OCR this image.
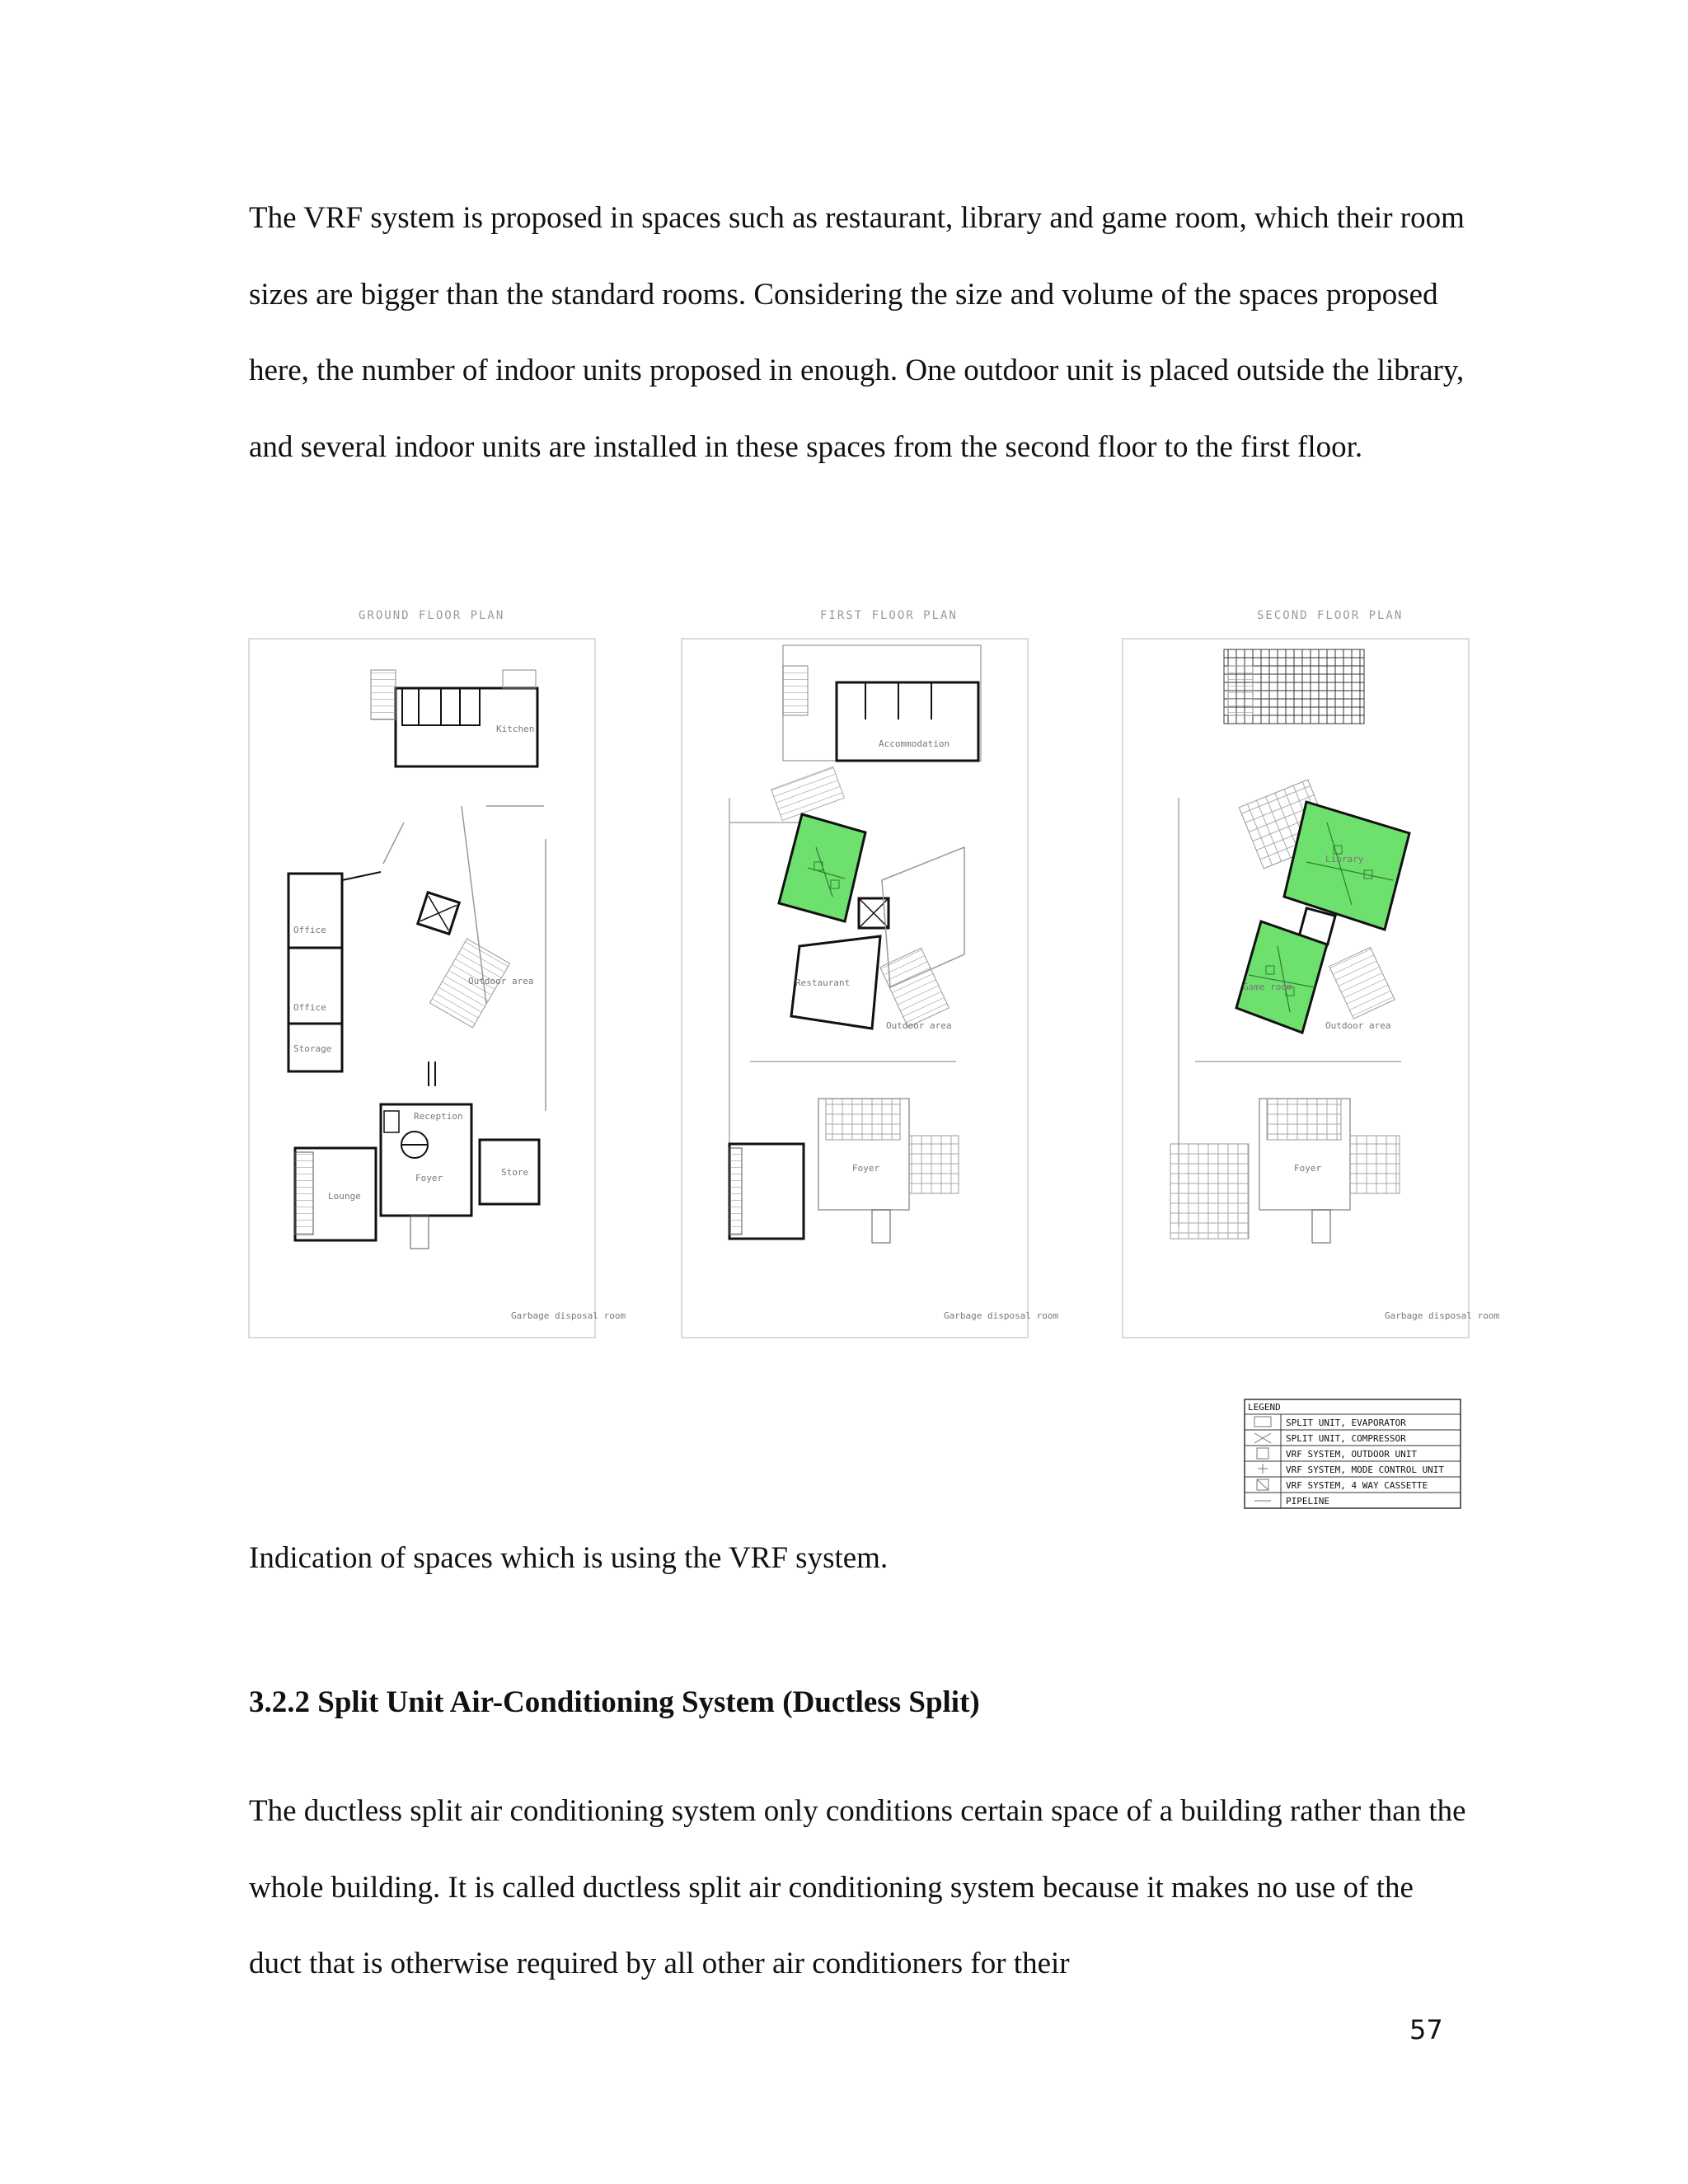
The VRF system is proposed in spaces such as restaurant, library and game room, which their room sizes are bigger than the standard rooms. Considering the size and volume of the spaces proposed here, the number of indoor units proposed in enough. One outdoor unit is placed outside the library, and several indoor units are installed in these spaces from the second floor to the first floor.

GROUND FLOOR PLAN
Kitchen
Office
Office
Storage
Outdoor area
Reception
Foyer
Store
Lounge
Garbage disposal room
FIRST FLOOR PLAN
Accommodation
Restaurant
Outdoor area
Foyer
Garbage disposal room
SECOND FLOOR PLAN
Game room
Library
Outdoor area
Foyer
Garbage disposal room
LEGEND
SPLIT UNIT, EVAPORATOR
SPLIT UNIT, COMPRESSOR
VRF SYSTEM, OUTDOOR UNIT
VRF SYSTEM, MODE CONTROL UNIT
VRF SYSTEM, 4 WAY CASSETTE
PIPELINE

Indication of spaces which is using the VRF system.

3.2.2 Split Unit Air-Conditioning System (Ductless Split)

The ductless split air conditioning system only conditions certain space of a building rather than the whole building. It is called ductless split air conditioning system because it makes no use of the duct that is otherwise required by all other air conditioners for their

57
